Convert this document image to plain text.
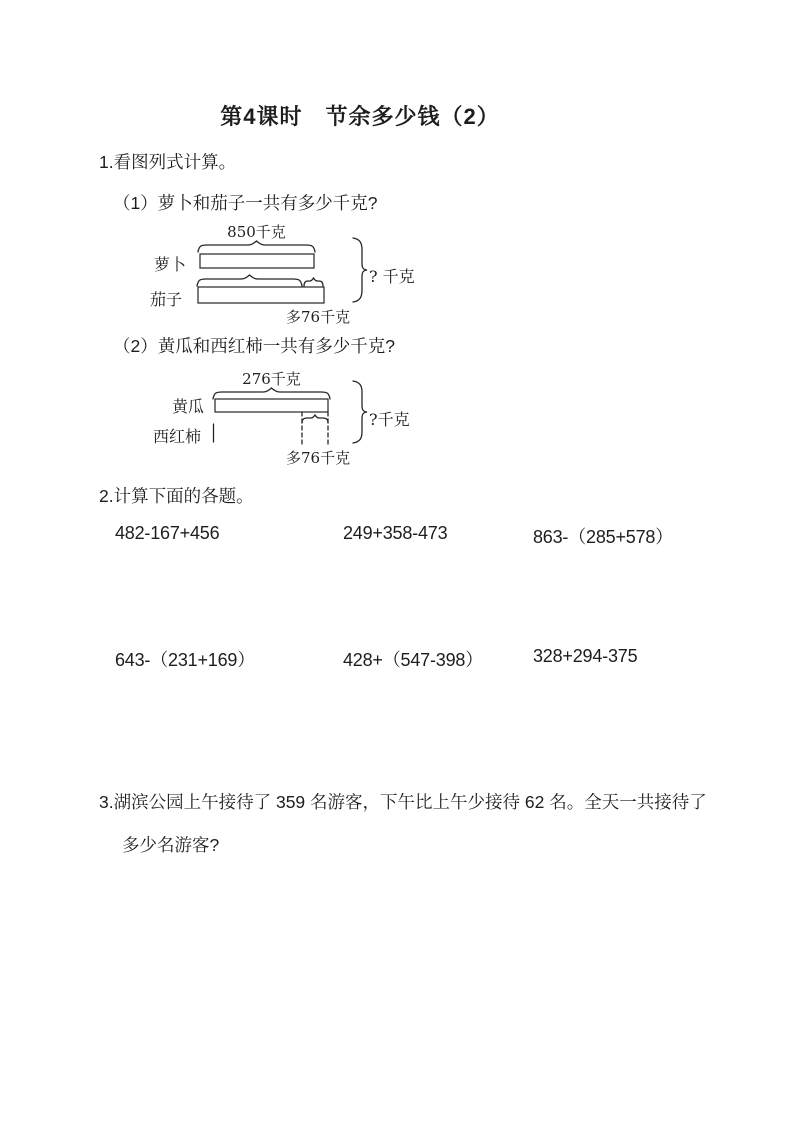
第4课时　节余多少钱（2）
1.看图列式计算。
（1）萝卜和茄子一共有多少千克?
850千克
萝卜
茄子
多76千克
? 千克
（2）黄瓜和西红柿一共有多少千克?
276千克
黄瓜
西红柿
多76千克
?千克
2.计算下面的各题。
482-167+456	249+358-473	863-（285+578）
643-（231+169）	428+（547-398）	328+294-375
3.湖滨公园上午接待了 359 名游客，下午比上午少接待 62 名。全天一共接待了
多少名游客?
